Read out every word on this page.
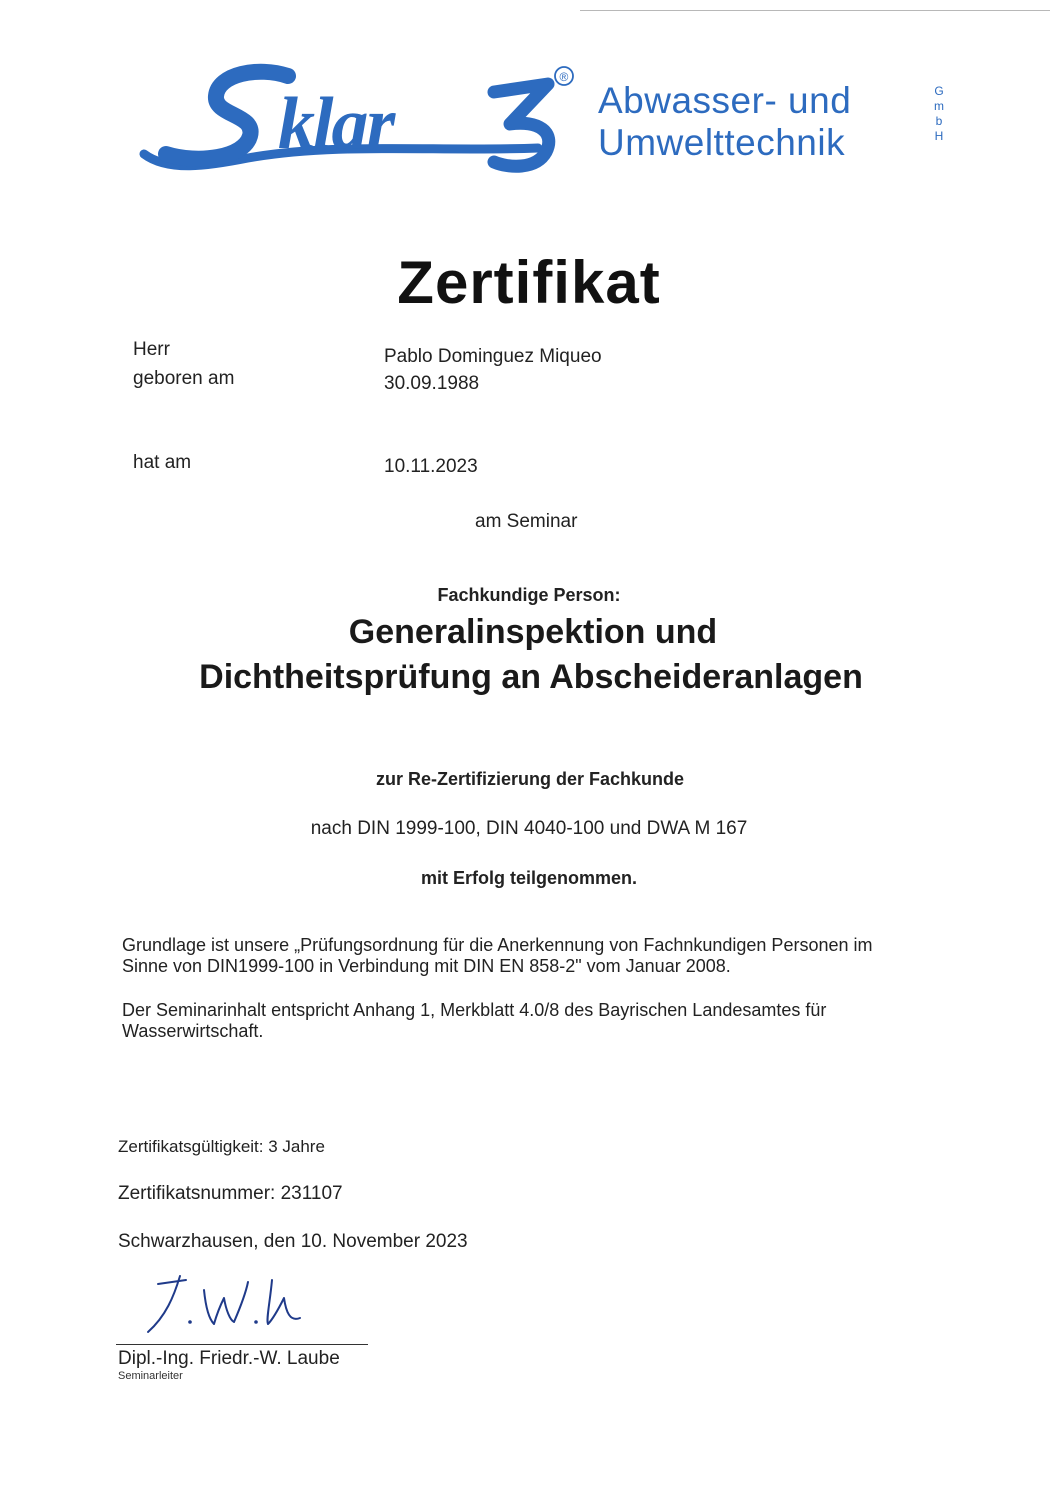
klar
®
Abwasser- und
Umwelttechnik
G
m
b
H
Zertifikat
Herr	Pablo Dominguez Miqueo
geboren am	30.09.1988
hat am	10.11.2023
am Seminar
Fachkundige Person:
Generalinspektion und
Dichtheitsprüfung an Abscheideranlagen
zur Re-Zertifizierung der Fachkunde
nach DIN 1999-100, DIN 4040-100 und DWA M 167
mit Erfolg teilgenommen.
Grundlage ist unsere „Prüfungsordnung für die Anerkennung von Fachnkundigen Personen im Sinne von DIN1999-100 in Verbindung mit DIN EN 858-2" vom Januar 2008.
Der Seminarinhalt entspricht Anhang 1, Merkblatt 4.0/8 des Bayrischen Landesamtes für Wasserwirtschaft.
Zertifikatsgültigkeit: 3 Jahre
Zertifikatsnummer: 231107
Schwarzhausen, den 10. November 2023
Dipl.-Ing. Friedr.-W. Laube
Seminarleiter
